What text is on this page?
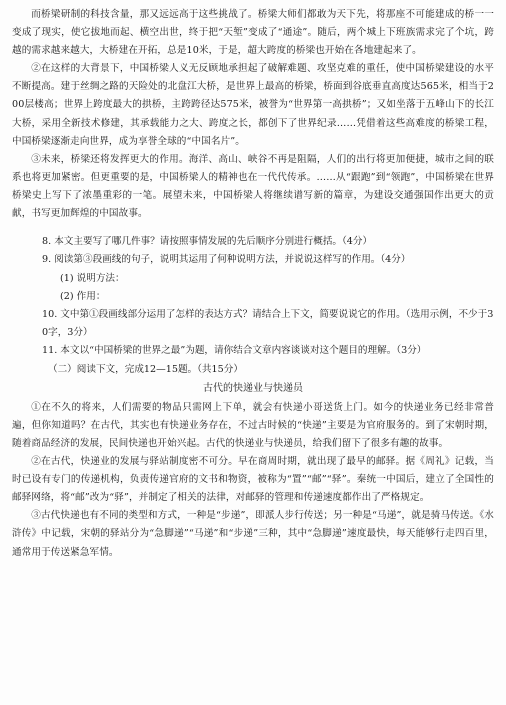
而桥梁研制的科技含量，那又远远高于这些挑战了。桥梁大师们都敢为天下先，将那座不可能建成的桥一一变成了现实，使它拔地而起、横空出世，终于把“天堑”变成了“通途”。随后，两个城上下班族需求完了个坑，跨越的需求越来越大，大桥建在开拓，总是10米，于是，超大跨度的桥梁也开始在各地建起来了。

②在这样的大背景下，中国桥梁人义无反顾地承担起了破解难题、攻坚克难的重任，使中国桥梁建设的水平不断提高。建于丝绸之路的天险处的北盘江大桥，是世界上最高的桥梁，桥面到谷底垂直高度达565米，相当于200层楼高；世界上跨度最大的拱桥，主跨跨径达575米，被誉为“世界第一高拱桥”；又如坐落于五峰山下的长江大桥，采用全新技术修建，其承载能力之大、跨度之长，都创下了世界纪录……凭借着这些高难度的桥梁工程，中国桥梁逐渐走向世界，成为享誉全球的“中国名片”。

③未来，桥梁还将发挥更大的作用。海洋、高山、峡谷不再是阻隔，人们的出行将更加便捷，城市之间的联系也将更加紧密。但更重要的是，中国桥梁人的精神也在一代代传承。……从“跟跑”到“领跑”，中国桥梁在世界桥梁史上写下了浓墨重彩的一笔。展望未来，中国桥梁人将继续谱写新的篇章，为建设交通强国作出更大的贡献，书写更加辉煌的中国故事。

8. 本文主要写了哪几件事？请按照事情发展的先后顺序分别进行概括。（4分）

9. 阅读第③段画线的句子，说明其运用了何种说明方法，并说说这样写的作用。（4分）

(1) 说明方法：

(2) 作用：

10. 文中第①段画线部分运用了怎样的表达方式？请结合上下文，简要说说它的作用。（选用示例，不少于30字，3分）

11. 本文以“中国桥梁的世界之最”为题，请你结合文章内容谈谈对这个题目的理解。（3分）

（二）阅读下文，完成12—15题。（共15分）

古代的快递业与快递员

①在不久的将来，人们需要的物品只需网上下单，就会有快递小哥送货上门。如今的快递业务已经非常普遍，但你知道吗？在古代，其实也有快递业务存在，不过古时候的“快递”主要是为官府服务的。到了宋朝时期，随着商品经济的发展，民间快递也开始兴起。古代的快递业与快递员，给我们留下了很多有趣的故事。

②在古代，快递业的发展与驿站制度密不可分。早在商周时期，就出现了最早的邮驿。据《周礼》记载，当时已设有专门的传递机构，负责传递官府的文书和物资，被称为“置”“邮”“驿”。秦统一中国后，建立了全国性的邮驿网络，将“邮”改为“驿”，并制定了相关的法律，对邮驿的管理和传递速度都作出了严格规定。

③古代快递也有不同的类型和方式，一种是“步递”，即派人步行传送；另一种是“马递”，就是骑马传送。《水浒传》中记载，宋朝的驿站分为“急脚递”“马递”和“步递”三种，其中“急脚递”速度最快，每天能够行走四百里，通常用于传送紧急军情。
